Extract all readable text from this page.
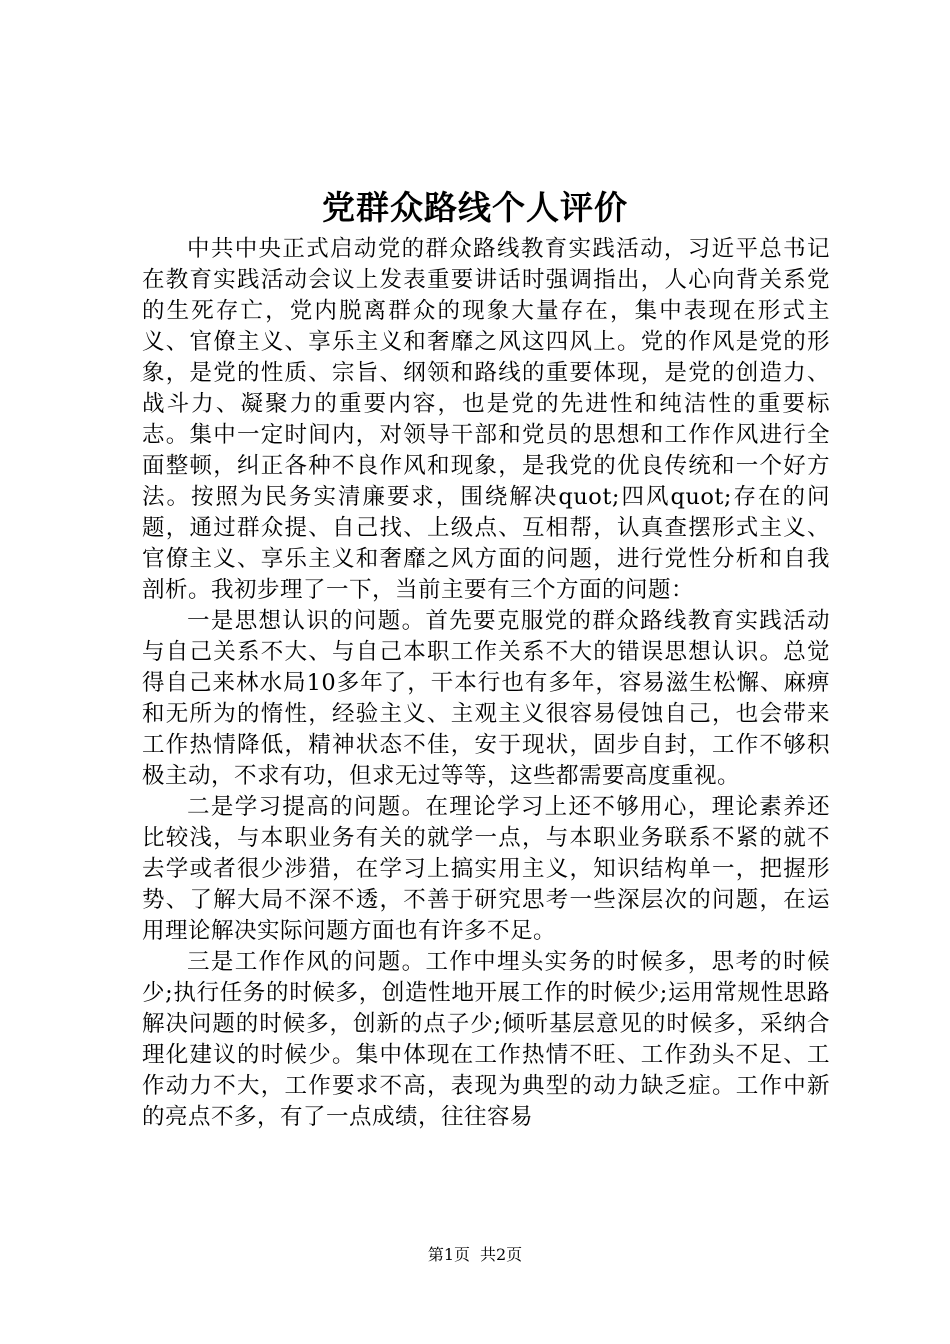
党群众路线个人评价

中共中央正式启动党的群众路线教育实践活动，习近平总书记在教育实践活动会议上发表重要讲话时强调指出，人心向背关系党的生死存亡，党内脱离群众的现象大量存在，集中表现在形式主义、官僚主义、享乐主义和奢靡之风这四风上。党的作风是党的形象，是党的性质、宗旨、纲领和路线的重要体现，是党的创造力、战斗力、凝聚力的重要内容，也是党的先进性和纯洁性的重要标志。集中一定时间内，对领导干部和党员的思想和工作作风进行全面整顿，纠正各种不良作风和现象，是我党的优良传统和一个好方法。按照为民务实清廉要求，围绕解决quot;四风quot;存在的问题，通过群众提、自己找、上级点、互相帮，认真查摆形式主义、官僚主义、享乐主义和奢靡之风方面的问题，进行党性分析和自我剖析。我初步理了一下，当前主要有三个方面的问题：

一是思想认识的问题。首先要克服党的群众路线教育实践活动与自己关系不大、与自己本职工作关系不大的错误思想认识。总觉得自己来林水局10多年了，干本行也有多年，容易滋生松懈、麻痹和无所为的惰性，经验主义、主观主义很容易侵蚀自己，也会带来工作热情降低，精神状态不佳，安于现状，固步自封，工作不够积极主动，不求有功，但求无过等等，这些都需要高度重视。

二是学习提高的问题。在理论学习上还不够用心，理论素养还比较浅，与本职业务有关的就学一点，与本职业务联系不紧的就不去学或者很少涉猎，在学习上搞实用主义，知识结构单一，把握形势、了解大局不深不透，不善于研究思考一些深层次的问题，在运用理论解决实际问题方面也有许多不足。

三是工作作风的问题。工作中埋头实务的时候多，思考的时候少;执行任务的时候多，创造性地开展工作的时候少;运用常规性思路解决问题的时候多，创新的点子少;倾听基层意见的时候多，采纳合理化建议的时候少。集中体现在工作热情不旺、工作劲头不足、工作动力不大，工作要求不高，表现为典型的动力缺乏症。工作中新的亮点不多，有了一点成绩，往往容易

第1页 共2页
